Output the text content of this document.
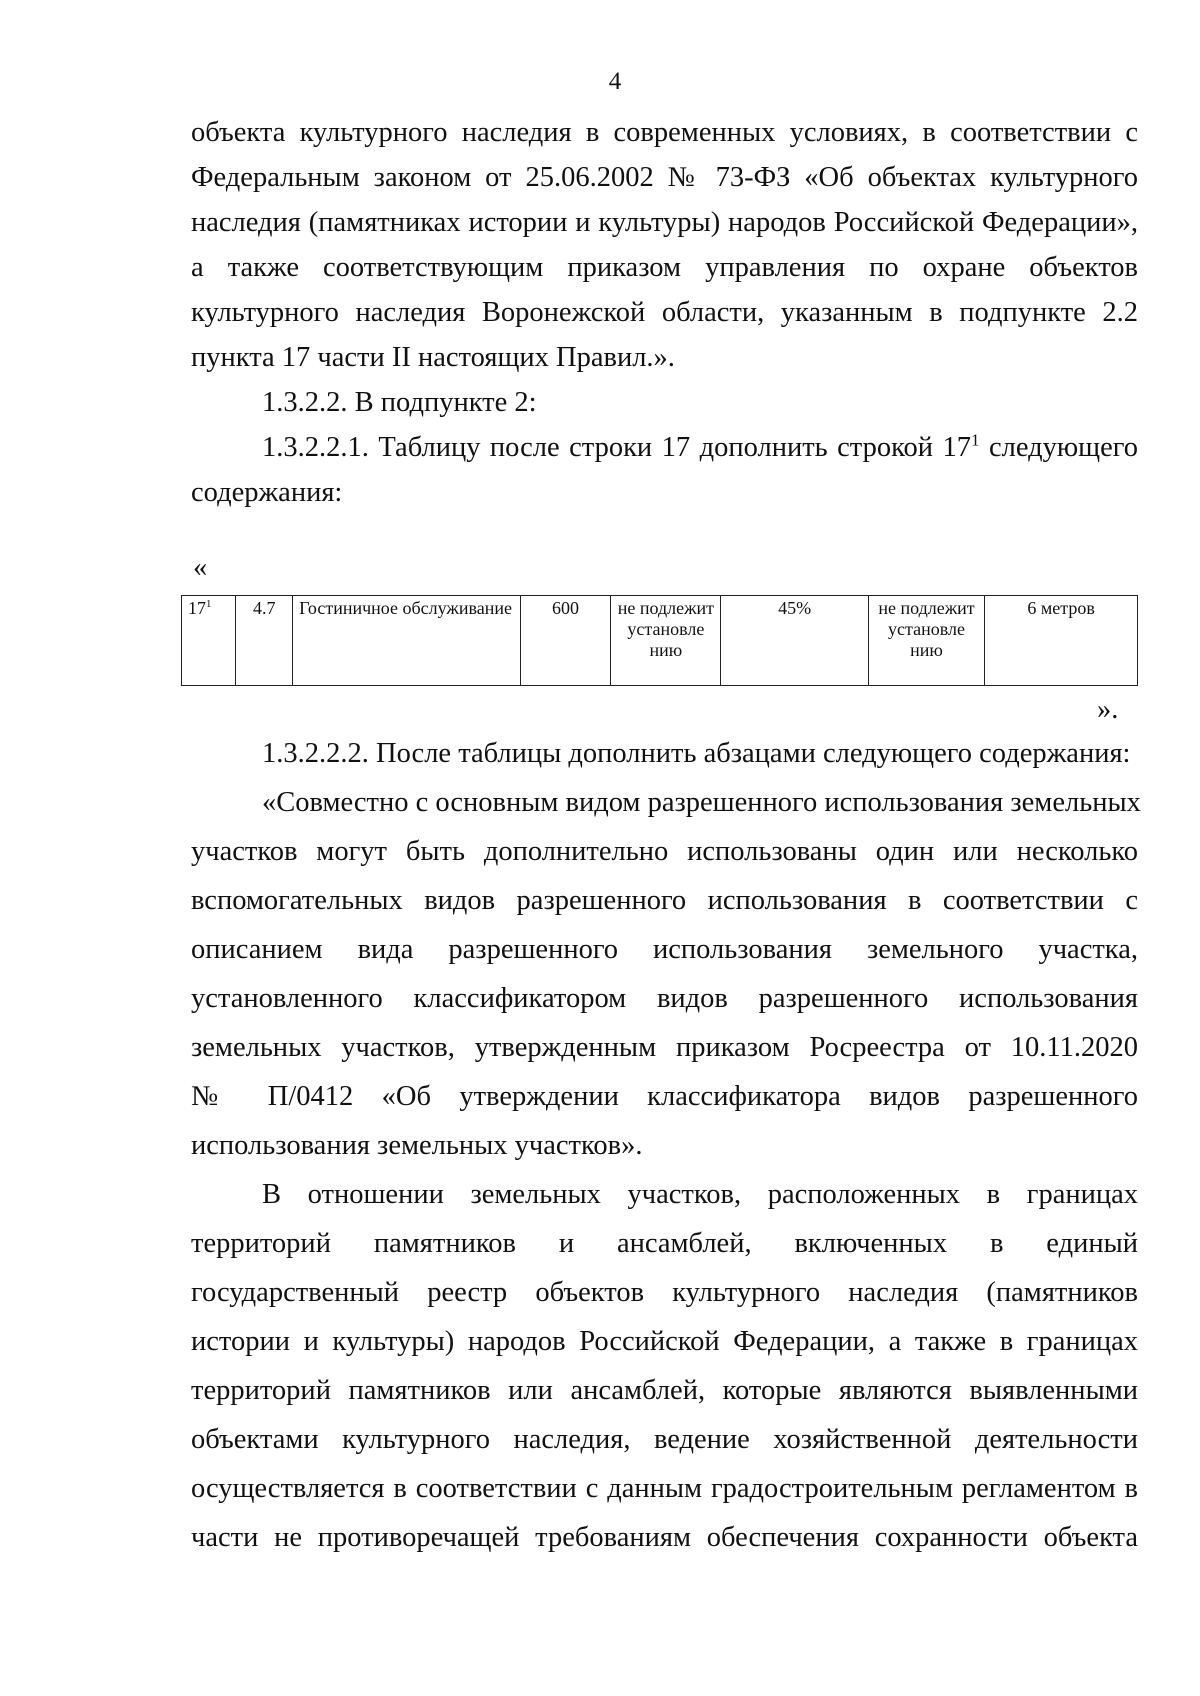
4
объекта культурного наследия в современных условиях, в соответствии с
Федеральным законом от 25.06.2002 № 73-ФЗ «Об объектах культурного
наследия (памятниках истории и культуры) народов Российской Федерации»,
а также соответствующим приказом управления по охране объектов
культурного наследия Воронежской области, указанным в подпункте 2.2
пункта 17 части II настоящих Правил.».
1.3.2.2. В подпункте 2:
1.3.2.2.1. Таблицу после строки 17 дополнить строкой $17^1$ следующего
содержания:
«
$17^1$	4.7	Гостиничное обслуживание	600	не подлежит установле нию	45%	не подлежит установле нию	6 метров
».
1.3.2.2.2. После таблицы дополнить абзацами следующего содержания:
«Совместно с основным видом разрешенного использования земельных
участков могут быть дополнительно использованы один или несколько
вспомогательных видов разрешенного использования в соответствии с
описанием вида разрешенного использования земельного участка,
установленного классификатором видов разрешенного использования
земельных участков, утвержденным приказом Росреестра от 10.11.2020
№ П/0412 «Об утверждении классификатора видов разрешенного
использования земельных участков».
В отношении земельных участков, расположенных в границах
территорий памятников и ансамблей, включенных в единый
государственный реестр объектов культурного наследия (памятников
истории и культуры) народов Российской Федерации, а также в границах
территорий памятников или ансамблей, которые являются выявленными
объектами культурного наследия, ведение хозяйственной деятельности
осуществляется в соответствии с данным градостроительным регламентом в
части не противоречащей требованиям обеспечения сохранности объекта
